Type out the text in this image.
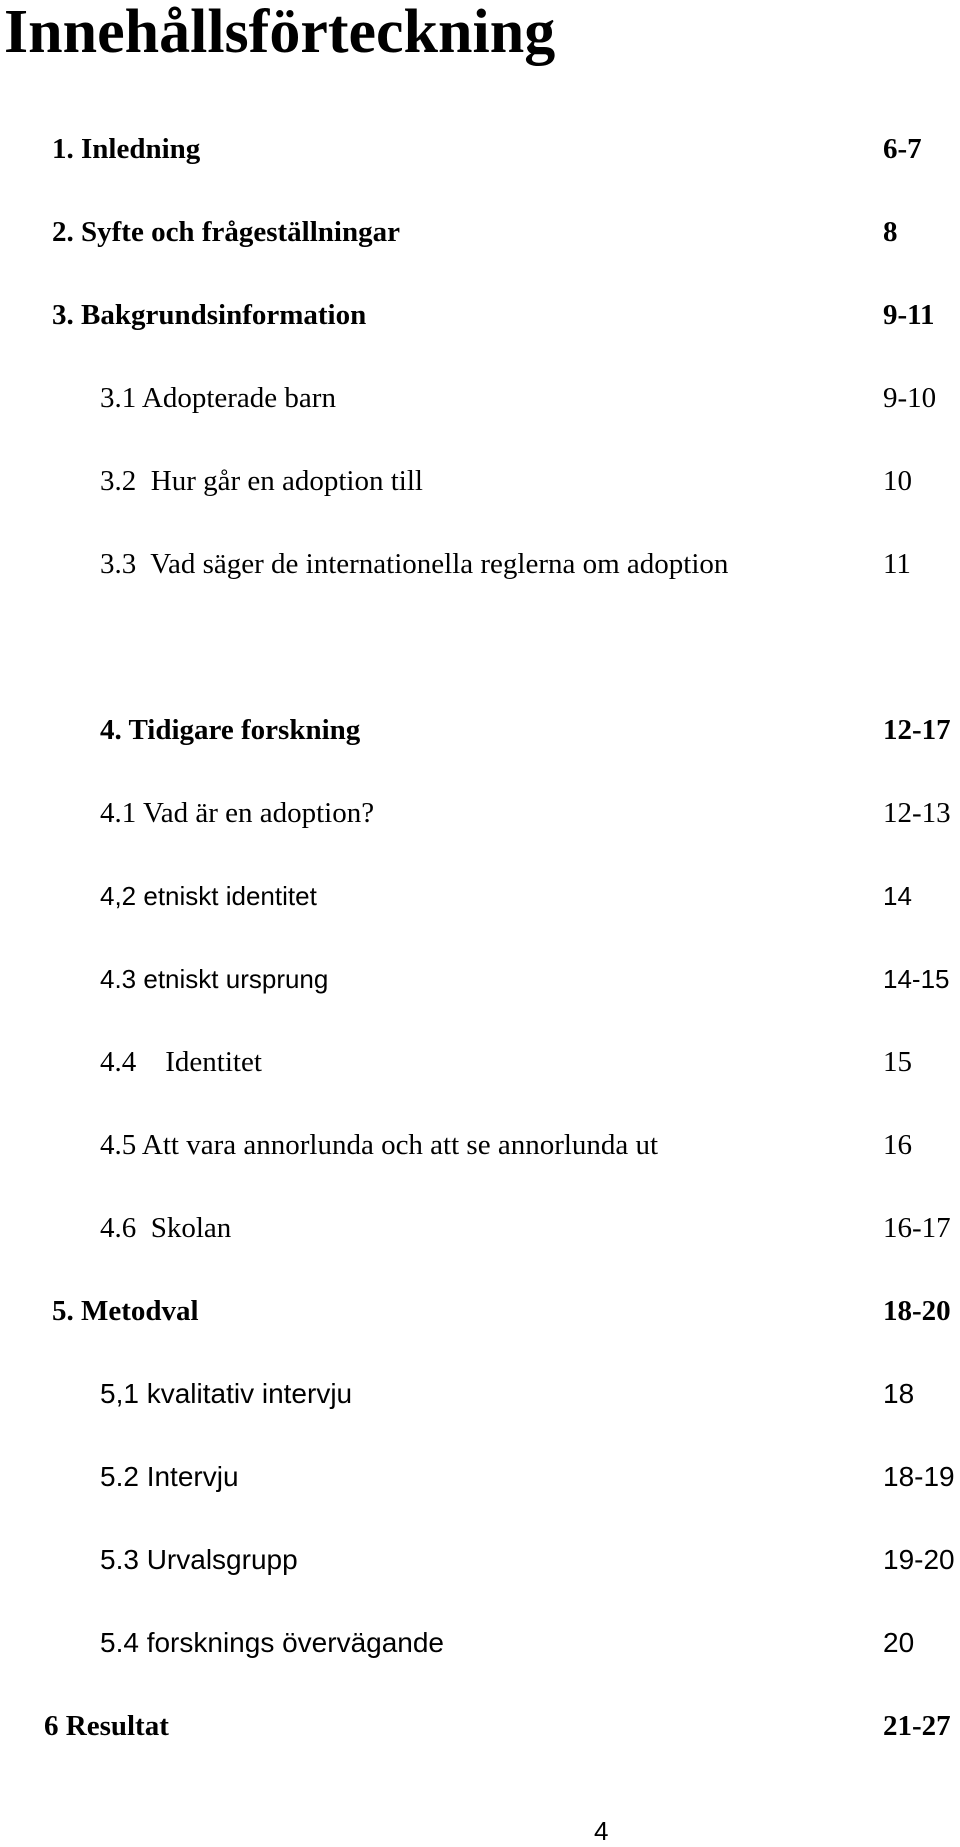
Innehållsförteckning
1. Inledning	6-7
2. Syfte och frågeställningar	8
3. Bakgrundsinformation	9-11
3.1 Adopterade barn	9-10
3.2  Hur går en adoption till	10
3.3  Vad säger de internationella reglerna om adoption	11
4. Tidigare forskning	12-17
4.1 Vad är en adoption?	12-13
4,2 etniskt identitet	14
4.3 etniskt ursprung	14-15
4.4    Identitet	15
4.5 Att vara annorlunda och att se annorlunda ut	16
4.6  Skolan	16-17
5. Metodval	18-20
5,1 kvalitativ intervju	18
5.2 Intervju	18-19
5.3 Urvalsgrupp	19-20
5.4 forsknings övervägande	20
6 Resultat	21-27
4
